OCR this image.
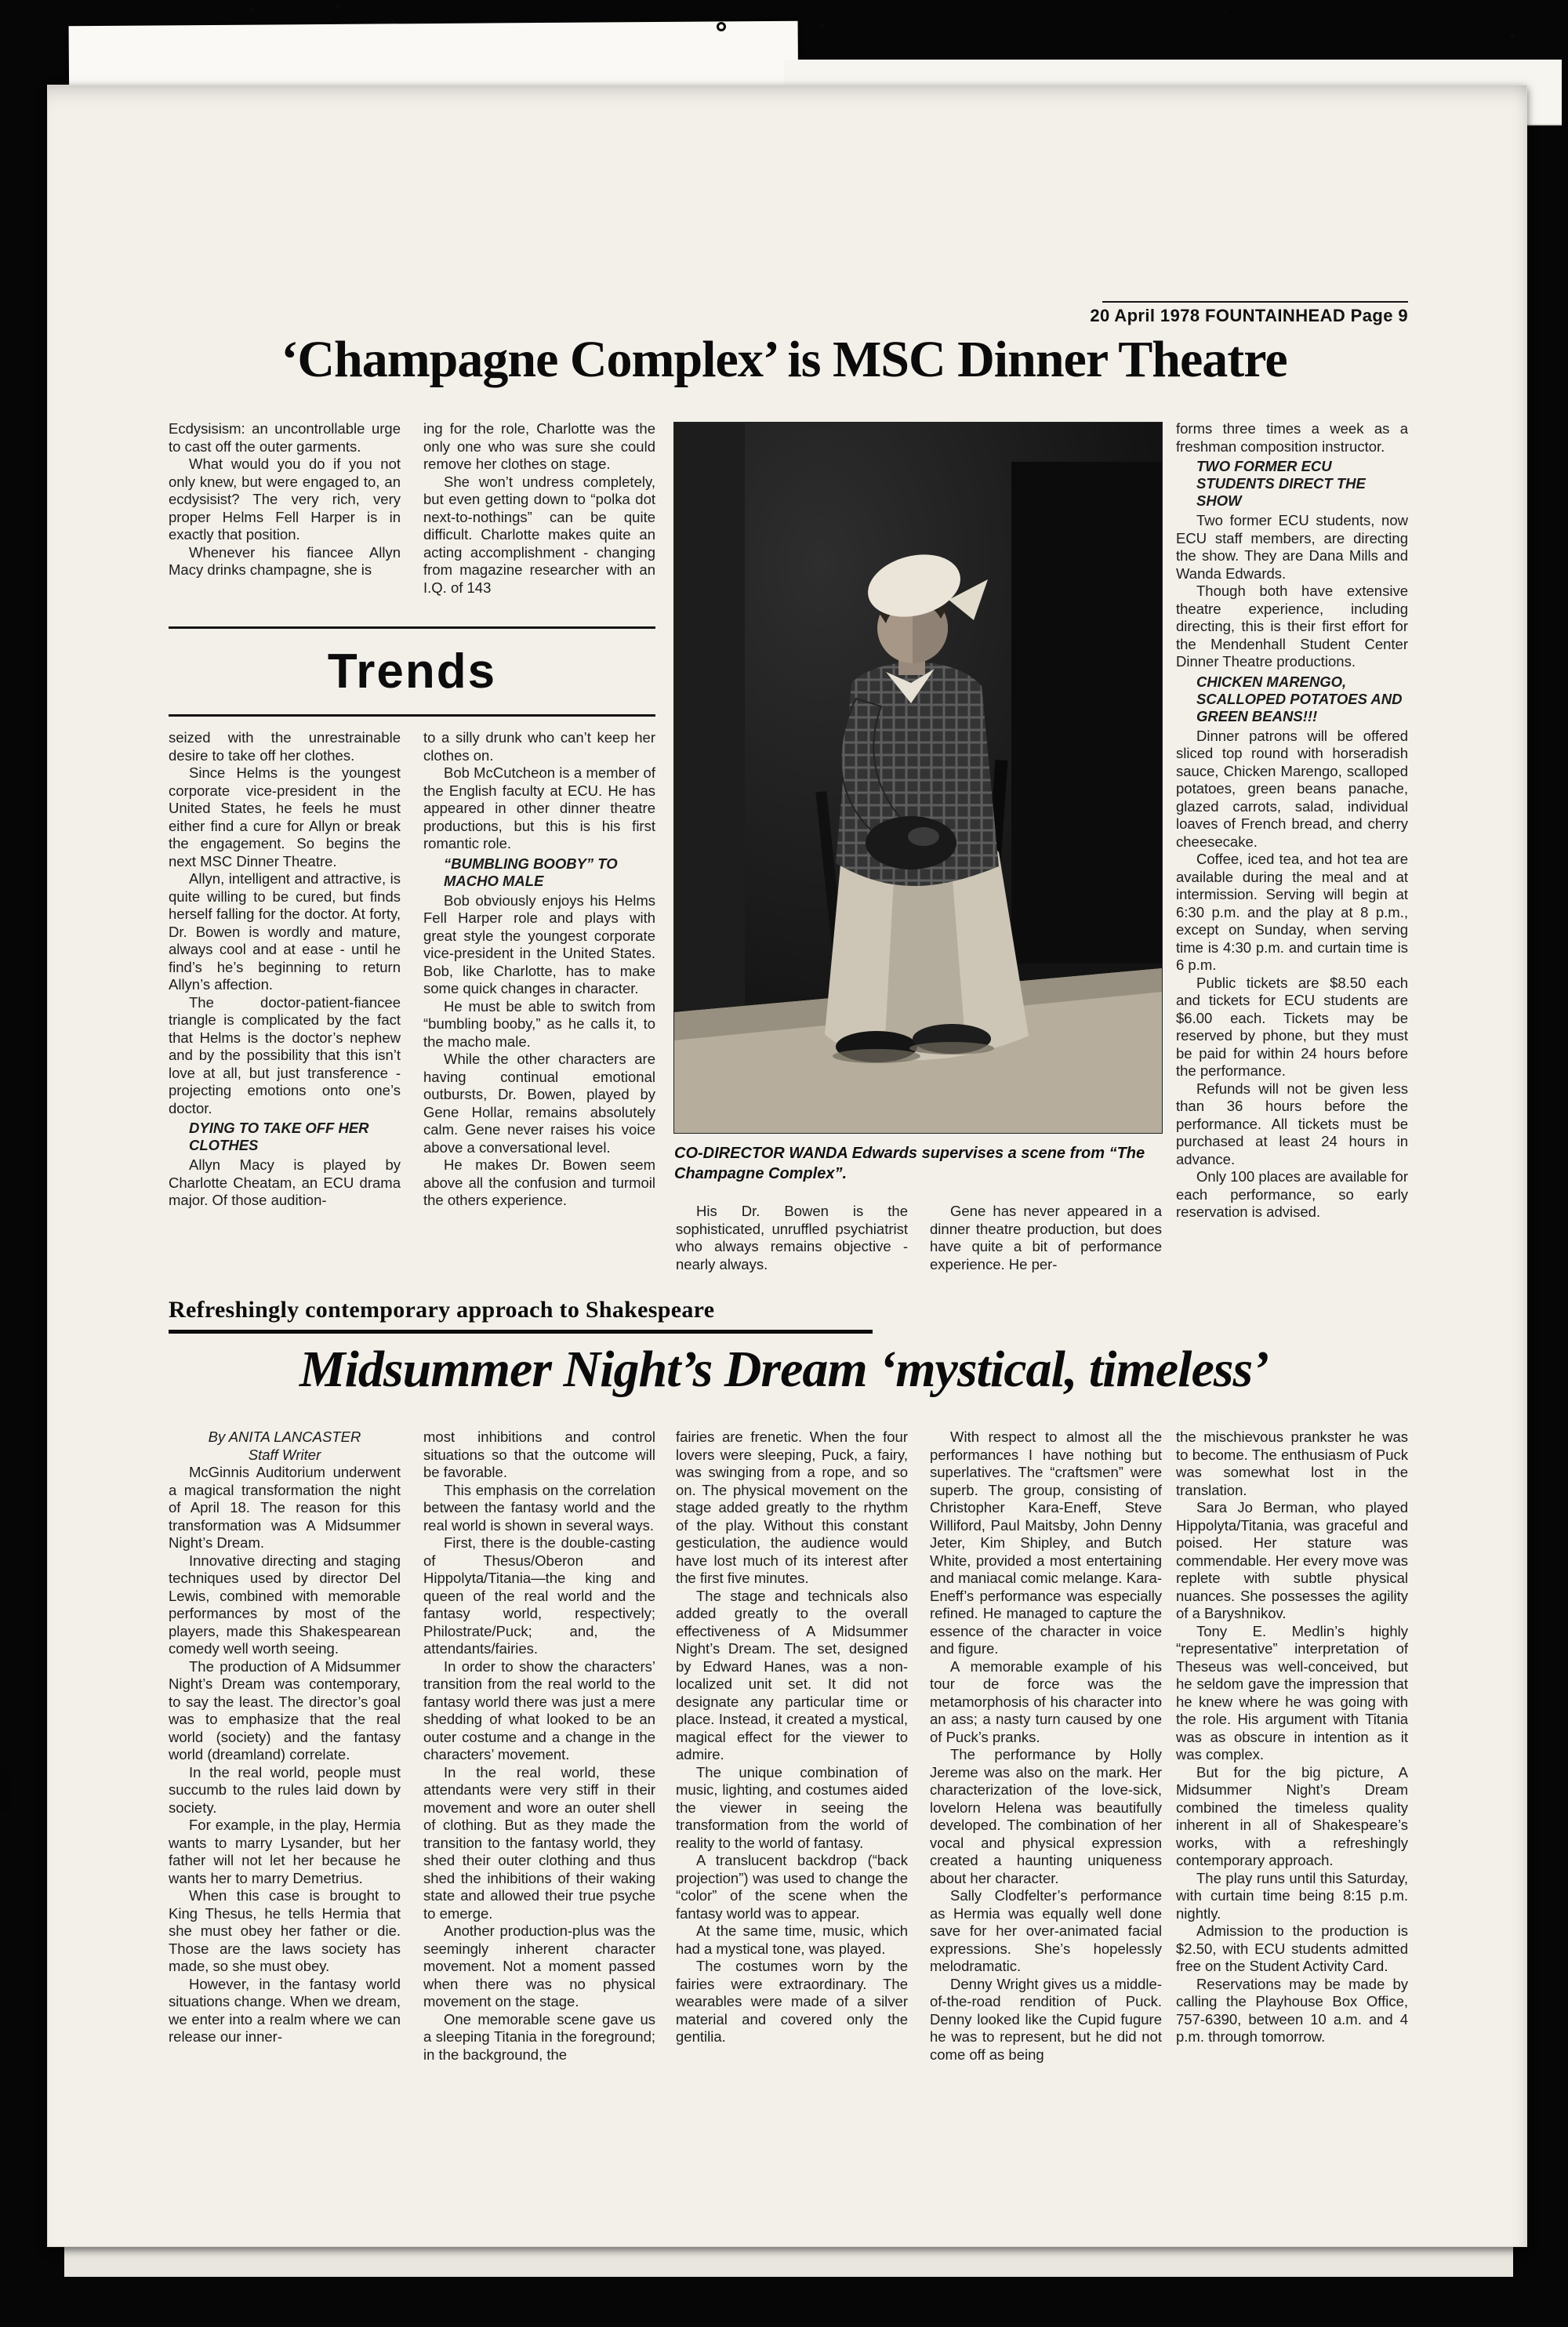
20 April 1978 FOUNTAINHEAD Page 9
‘Champagne Complex’ is MSC Dinner Theatre

Ecdysisism: an uncontrollable urge to cast off the outer garments.

What would you do if you not only knew, but were engaged to, an ecdysisist? The very rich, very proper Helms Fell Harper is in exactly that position.

Whenever his fiancee Allyn Macy drinks champagne, she is

ing for the role, Charlotte was the only one who was sure she could remove her clothes on stage.

She won’t undress completely, but even getting down to “polka dot next-to-nothings” can be quite difficult. Charlotte makes quite an acting accomplishment - changing from magazine researcher with an I.Q. of 143

Trends

seized with the unrestrainable desire to take off her clothes.

Since Helms is the youngest corporate vice-president in the United States, he feels he must either find a cure for Allyn or break the engagement. So begins the next MSC Dinner Theatre.

Allyn, intelligent and attractive, is quite willing to be cured, but finds herself falling for the doctor. At forty, Dr. Bowen is wordly and mature, always cool and at ease - until he find’s he’s beginning to return Allyn’s affection.

The doctor-patient-fiancee triangle is complicated by the fact that Helms is the doctor’s nephew and by the possibility that this isn’t love at all, but just transference - projecting emotions onto one’s doctor.

DYING TO TAKE OFF HER CLOTHES

Allyn Macy is played by Charlotte Cheatam, an ECU drama major. Of those audition-

to a silly drunk who can’t keep her clothes on.

Bob McCutcheon is a member of the English faculty at ECU. He has appeared in other dinner theatre productions, but this is his first romantic role.

“BUMBLING BOOBY” TO MACHO MALE

Bob obviously enjoys his Helms Fell Harper role and plays with great style the youngest corporate vice-president in the United States. Bob, like Charlotte, has to make some quick changes in character.

He must be able to switch from “bumbling booby,” as he calls it, to the macho male.

While the other characters are having continual emotional outbursts, Dr. Bowen, played by Gene Hollar, remains absolutely calm. Gene never raises his voice above a conversational level.

He makes Dr. Bowen seem above all the confusion and turmoil the others experience.

CO-DIRECTOR WANDA Edwards supervises a scene from “The Champagne Complex”.

His Dr. Bowen is the sophisticated, unruffled psychiatrist who always remains objective - nearly always.

Gene has never appeared in a dinner theatre production, but does have quite a bit of performance experience. He per-

forms three times a week as a freshman composition instructor.

TWO FORMER ECU STUDENTS DIRECT THE SHOW

Two former ECU students, now ECU staff members, are directing the show. They are Dana Mills and Wanda Edwards.

Though both have extensive theatre experience, including directing, this is their first effort for the Mendenhall Student Center Dinner Theatre productions.

CHICKEN MARENGO, SCALLOPED POTATOES AND GREEN BEANS!!!

Dinner patrons will be offered sliced top round with horseradish sauce, Chicken Marengo, scalloped potatoes, green beans panache, glazed carrots, salad, individual loaves of French bread, and cherry cheesecake.

Coffee, iced tea, and hot tea are available during the meal and at intermission. Serving will begin at 6:30 p.m. and the play at 8 p.m., except on Sunday, when serving time is 4:30 p.m. and curtain time is 6 p.m.

Public tickets are $8.50 each and tickets for ECU students are $6.00 each. Tickets may be reserved by phone, but they must be paid for within 24 hours before the performance.

Refunds will not be given less than 36 hours before the performance. All tickets must be purchased at least 24 hours in advance.

Only 100 places are available for each performance, so early reservation is advised.

Refreshingly contemporary approach to Shakespeare
Midsummer Night’s Dream ‘mystical, timeless’

By ANITA LANCASTER

Staff Writer

McGinnis Auditorium underwent a magical transformation the night of April 18. The reason for this transformation was A Midsummer Night’s Dream.

Innovative directing and staging techniques used by director Del Lewis, combined with memorable performances by most of the players, made this Shakespearean comedy well worth seeing.

The production of A Midsummer Night’s Dream was contemporary, to say the least. The director’s goal was to emphasize that the real world (society) and the fantasy world (dreamland) correlate.

In the real world, people must succumb to the rules laid down by society.

For example, in the play, Hermia wants to marry Lysander, but her father will not let her because he wants her to marry Demetrius.

When this case is brought to King Thesus, he tells Hermia that she must obey her father or die. Those are the laws society has made, so she must obey.

However, in the fantasy world situations change. When we dream, we enter into a realm where we can release our inner-

most inhibitions and control situations so that the outcome will be favorable.

This emphasis on the correlation between the fantasy world and the real world is shown in several ways.

First, there is the double-casting of Thesus/Oberon and Hippolyta/Titania—the king and queen of the real world and the fantasy world, respectively; Philostrate/Puck; and, the attendants/fairies.

In order to show the characters’ transition from the real world to the fantasy world there was just a mere shedding of what looked to be an outer costume and a change in the characters’ movement.

In the real world, these attendants were very stiff in their movement and wore an outer shell of clothing. But as they made the transition to the fantasy world, they shed their outer clothing and thus shed the inhibitions of their waking state and allowed their true psyche to emerge.

Another production-plus was the seemingly inherent character movement. Not a moment passed when there was no physical movement on the stage.

One memorable scene gave us a sleeping Titania in the foreground; in the background, the

fairies are frenetic. When the four lovers were sleeping, Puck, a fairy, was swinging from a rope, and so on. The physical movement on the stage added greatly to the rhythm of the play. Without this constant gesticulation, the audience would have lost much of its interest after the first five minutes.

The stage and technicals also added greatly to the overall effectiveness of A Midsummer Night’s Dream. The set, designed by Edward Hanes, was a non-localized unit set. It did not designate any particular time or place. Instead, it created a mystical, magical effect for the viewer to admire.

The unique combination of music, lighting, and costumes aided the viewer in seeing the transformation from the world of reality to the world of fantasy.

A translucent backdrop (“back projection”) was used to change the “color” of the scene when the fantasy world was to appear.

At the same time, music, which had a mystical tone, was played.

The costumes worn by the fairies were extraordinary. The wearables were made of a silver material and covered only the gentilia.

With respect to almost all the performances I have nothing but superlatives. The “craftsmen” were superb. The group, consisting of Christopher Kara-Eneff, Steve Williford, Paul Maitsby, John Denny Jeter, Kim Shipley, and Butch White, provided a most entertaining and maniacal comic melange. Kara-Eneff’s performance was especially refined. He managed to capture the essence of the character in voice and figure.

A memorable example of his tour de force was the metamorphosis of his character into an ass; a nasty turn caused by one of Puck’s pranks.

The performance by Holly Jereme was also on the mark. Her characterization of the love-sick, lovelorn Helena was beautifully developed. The combination of her vocal and physical expression created a haunting uniqueness about her character.

Sally Clodfelter’s performance as Hermia was equally well done save for her over-animated facial expressions. She’s hopelessly melodramatic.

Denny Wright gives us a middle-of-the-road rendition of Puck. Denny looked like the Cupid fugure he was to represent, but he did not come off as being

the mischievous prankster he was to become. The enthusiasm of Puck was somewhat lost in the translation.

Sara Jo Berman, who played Hippolyta/Titania, was graceful and poised. Her stature was commendable. Her every move was replete with subtle physical nuances. She possesses the agility of a Baryshnikov.

Tony E. Medlin’s highly “representative” interpretation of Theseus was well-conceived, but he seldom gave the impression that he knew where he was going with the role. His argument with Titania was as obscure in intention as it was complex.

But for the big picture, A Midsummer Night’s Dream combined the timeless quality inherent in all of Shakespeare’s works, with a refreshingly contemporary approach.

The play runs until this Saturday, with curtain time being 8:15 p.m. nightly.

Admission to the production is $2.50, with ECU students admitted free on the Student Activity Card.

Reservations may be made by calling the Playhouse Box Office, 757-6390, between 10 a.m. and 4 p.m. through tomorrow.
